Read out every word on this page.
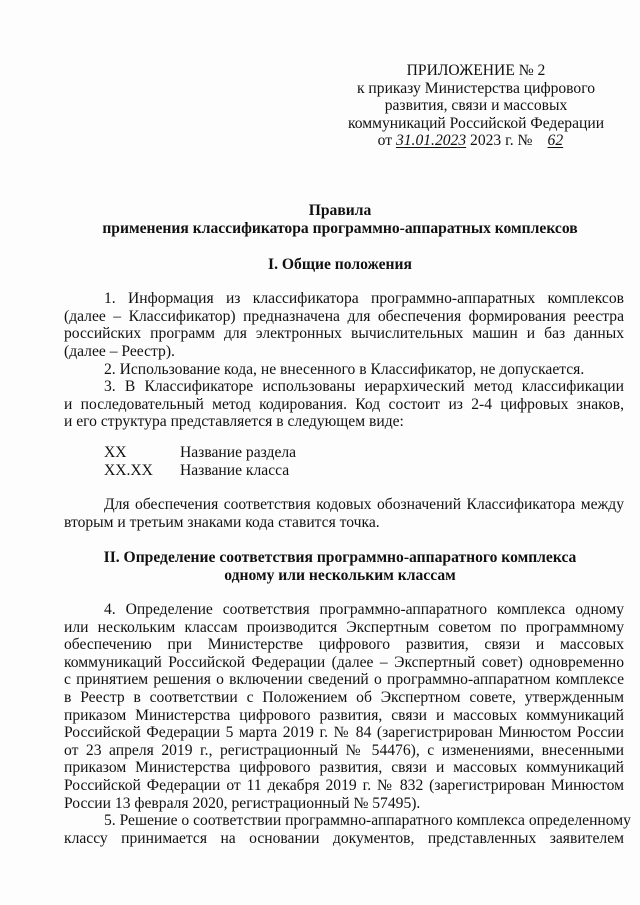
ПРИЛОЖЕНИЕ № 2
к приказу Министерства цифрового
развития, связи и массовых
коммуникаций Российской Федерации
от 31.01.2023 2023 г. № 62
Правила
применения классификатора программно-аппаратных комплексов
I. Общие положения
1. Информация из классификатора программно-аппаратных комплексов
(далее – Классификатор) предназначена для обеспечения формирования реестра
российских программ для электронных вычислительных машин и баз данных
(далее – Реестр).
2. Использование кода, не внесенного в Классификатор, не допускается.
3. В Классификаторе использованы иерархический метод классификации
и последовательный метод кодирования. Код состоит из 2-4 цифровых знаков,
и его структура представляется в следующем виде:
XX	Название раздела
XX.XX	Название класса
Для обеспечения соответствия кодовых обозначений Классификатора между
вторым и третьим знаками кода ставится точка.
II. Определение соответствия программно-аппаратного комплекса
одному или нескольким классам
4. Определение соответствия программно-аппаратного комплекса одному
или нескольким классам производится Экспертным советом по программному
обеспечению при Министерстве цифрового развития, связи и массовых
коммуникаций Российской Федерации (далее – Экспертный совет) одновременно
с принятием решения о включении сведений о программно-аппаратном комплексе
в Реестр в соответствии с Положением об Экспертном совете, утвержденным
приказом Министерства цифрового развития, связи и массовых коммуникаций
Российской Федерации 5 марта 2019 г. № 84 (зарегистрирован Минюстом России
от 23 апреля 2019 г., регистрационный № 54476), с изменениями, внесенными
приказом Министерства цифрового развития, связи и массовых коммуникаций
Российской Федерации от 11 декабря 2019 г. № 832 (зарегистрирован Минюстом
России 13 февраля 2020, регистрационный № 57495).
5. Решение о соответствии программно-аппаратного комплекса определенному
классу принимается на основании документов, представленных заявителем
